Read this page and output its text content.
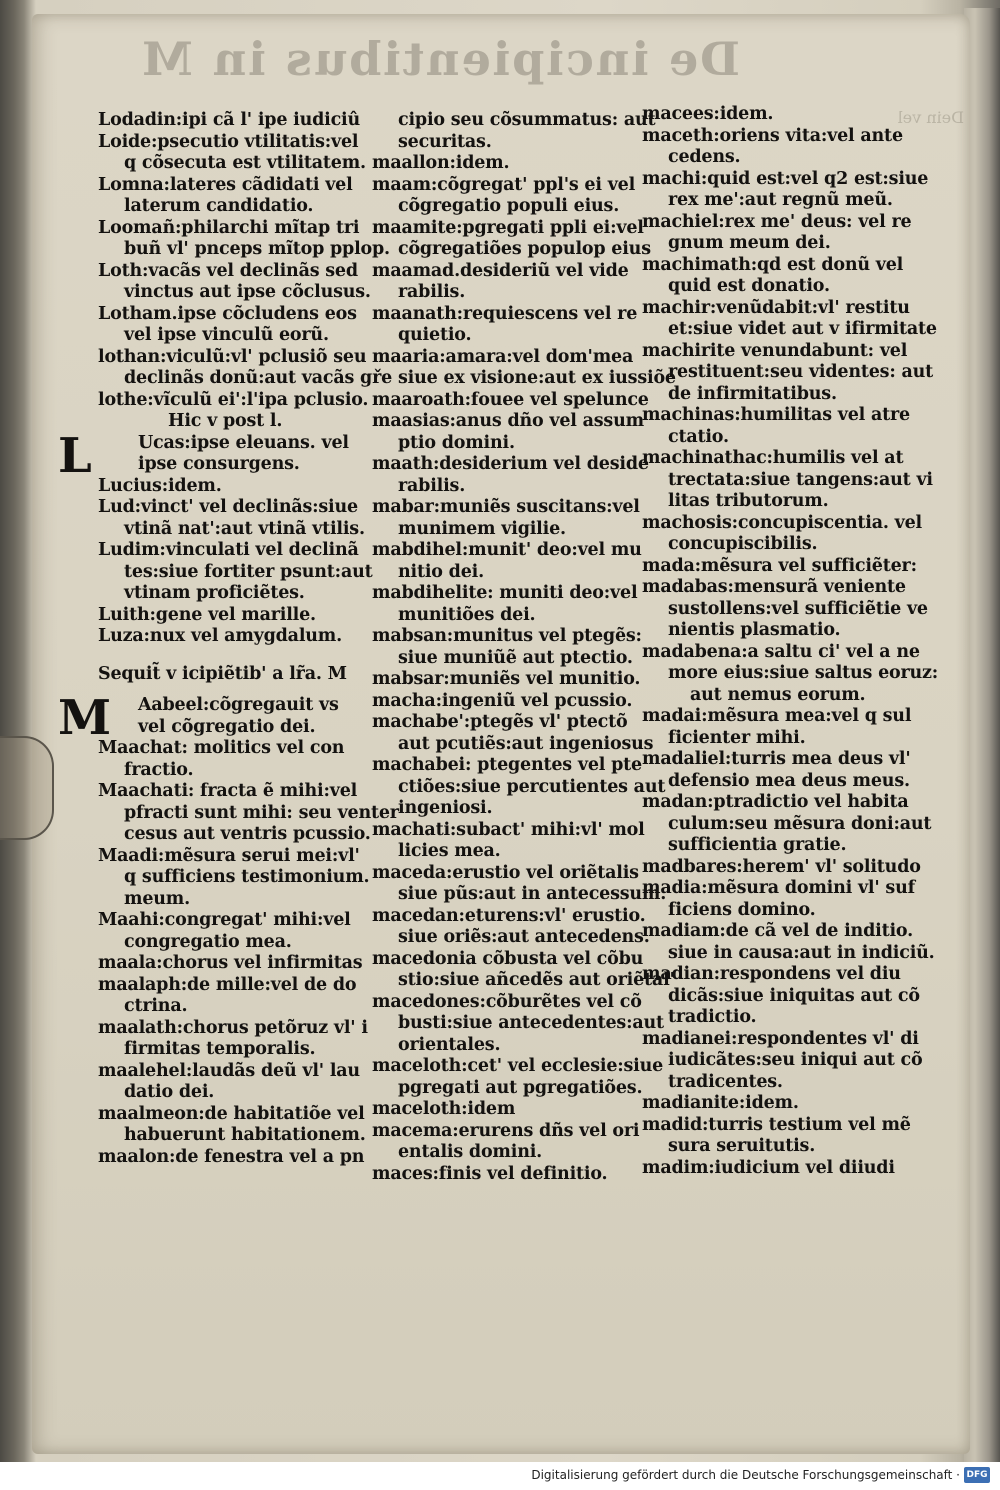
De incipientibus in M
Dein vel
Lodadin:ipi cã l' ipe iudiciû
Loide:psecutio vtilitatis:vel
q cõsecuta est vtilitatem.
Lomna:lateres cãdidati vel
laterum candidatio.
Loomañ:philarchi mĩtap tri
buñ vl' pnceps mĩtop pplop.
Loth:vacãs vel declinãs sed
vinctus aut ipse cõclusus.
Lotham.ipse cõcludens eos
vel ipse vinculũ eorũ.
lothan:viculũ:vl' pclusiõ seu
declinãs donũ:aut vacãs gře
lothe:vĩculũ ei':l'ipa pclusio.
Hic v post l.
L	Ucas:ipse eleuans. vel
ipse consurgens.
Lucius:idem.
Lud:vinct' vel declinãs:siue
vtinã nat':aut vtinã vtilis.
Ludim:vinculati vel declinã
tes:siue fortiter psunt:aut
vtinam proficiẽtes.
Luith:gene vel marille.
Luza:nux vel amygdalum.
Sequit̃ v icipiẽtib' a lr̃a. M
M Aabeel:cõgregauit vs
vel cõgregatio dei.
Maachat: molitics vel con
fractio.
Maachati: fracta ẽ mihi:vel
pfracti sunt mihi: seu venter
cesus aut ventris pcussio.
Maadi:mẽsura serui mei:vl'
q sufficiens testimonium.
meum.
Maahi:congregat' mihi:vel
congregatio mea.
maala:chorus vel infirmitas
maalaph:de mille:vel de do
ctrina.
maalath:chorus petõruz vl' i
firmitas temporalis.
maalehel:laudãs deũ vl' lau
datio dei.
maalmeon:de habitatiõe vel
habuerunt habitationem.
maalon:de fenestra vel a pn
cipio seu cõsummatus: aut
securitas.
maallon:idem.
maam:cõgregat' ppl's ei vel
cõgregatio populi eius.
maamite:pgregati ppli ei:vel
cõgregatiões populop eius
maamad.desideriũ vel vide
rabilis.
maanath:requiescens vel re
quietio.
maaria:amara:vel dom'mea
siue ex visione:aut ex iussiõe
maaroath:fouee vel spelunce
maasias:anus dño vel assum
ptio domini.
maath:desiderium vel deside
rabilis.
mabar:muniẽs suscitans:vel
munimem vigilie.
mabdihel:munit' deo:vel mu
nitio dei.
mabdihelite: muniti deo:vel
munitiões dei.
mabsan:munitus vel ptegẽs:
siue muniũẽ aut ptectio.
mabsar:muniẽs vel munitio.
macha:ingeniũ vel pcussio.
machabe':ptegẽs vl' ptectõ
aut pcutiẽs:aut ingeniosus
machabei: ptegentes vel pte
ctiões:siue percutientes aut
ingeniosi.
machati:subact' mihi:vl' mol
licies mea.
maceda:erustio vel oriẽtalis
siue pũs:aut in antecessum.
macedan:eturens:vl' erustio.
siue oriẽs:aut antecedens.
macedonia cõbusta vel cõbu
stio:siue añcedẽs aut oriẽtal'
macedones:cõburẽtes vel cõ
busti:siue antecedentes:aut
orientales.
maceloth:cet' vel ecclesie:siue
pgregati aut pgregatiões.
maceloth:idem
macema:erurens dñs vel ori
entalis domini.
maces:finis vel definitio.
macees:idem.
maceth:oriens vita:vel ante
cedens.
machi:quid est:vel q2 est:siue
rex me':aut regnũ meũ.
machiel:rex me' deus: vel re
gnum meum dei.
machimath:qd est donũ vel
quid est donatio.
machir:venũdabit:vl' restitu
et:siue videt aut v ifirmitate
machirite venundabunt: vel
restituent:seu videntes: aut
de infirmitatibus.
machinas:humilitas vel atre
ctatio.
machinathac:humilis vel at
trectata:siue tangens:aut vi
litas tributorum.
machosis:concupiscentia. vel
concupiscibilis.
mada:mẽsura vel sufficiẽter:
madabas:mensurã veniente
sustollens:vel sufficiẽtie ve
nientis plasmatio.
madabena:a saltu ci' vel a ne
more eius:siue saltus eoruz:
aut nemus eorum.
madai:mẽsura mea:vel q sul
ficienter mihi.
madaliel:turris mea deus vl'
defensio mea deus meus.
madan:ptradictio vel habita
culum:seu mẽsura doni:aut
sufficientia gratie.
madbares:herem' vl' solitudo
madia:mẽsura domini vl' suf
ficiens domino.
madiam:de cã vel de inditio.
siue in causa:aut in indiciũ.
madian:respondens vel diu
dicãs:siue iniquitas aut cõ
tradictio.
madianei:respondentes vl' di
iudicãtes:seu iniqui aut cõ
tradicentes.
madianite:idem.
madid:turris testium vel mẽ
sura seruitutis.
madim:iudicium vel diiudi
Digitalisierung gefördert durch die Deutsche Forschungsgemeinschaft · DFG
